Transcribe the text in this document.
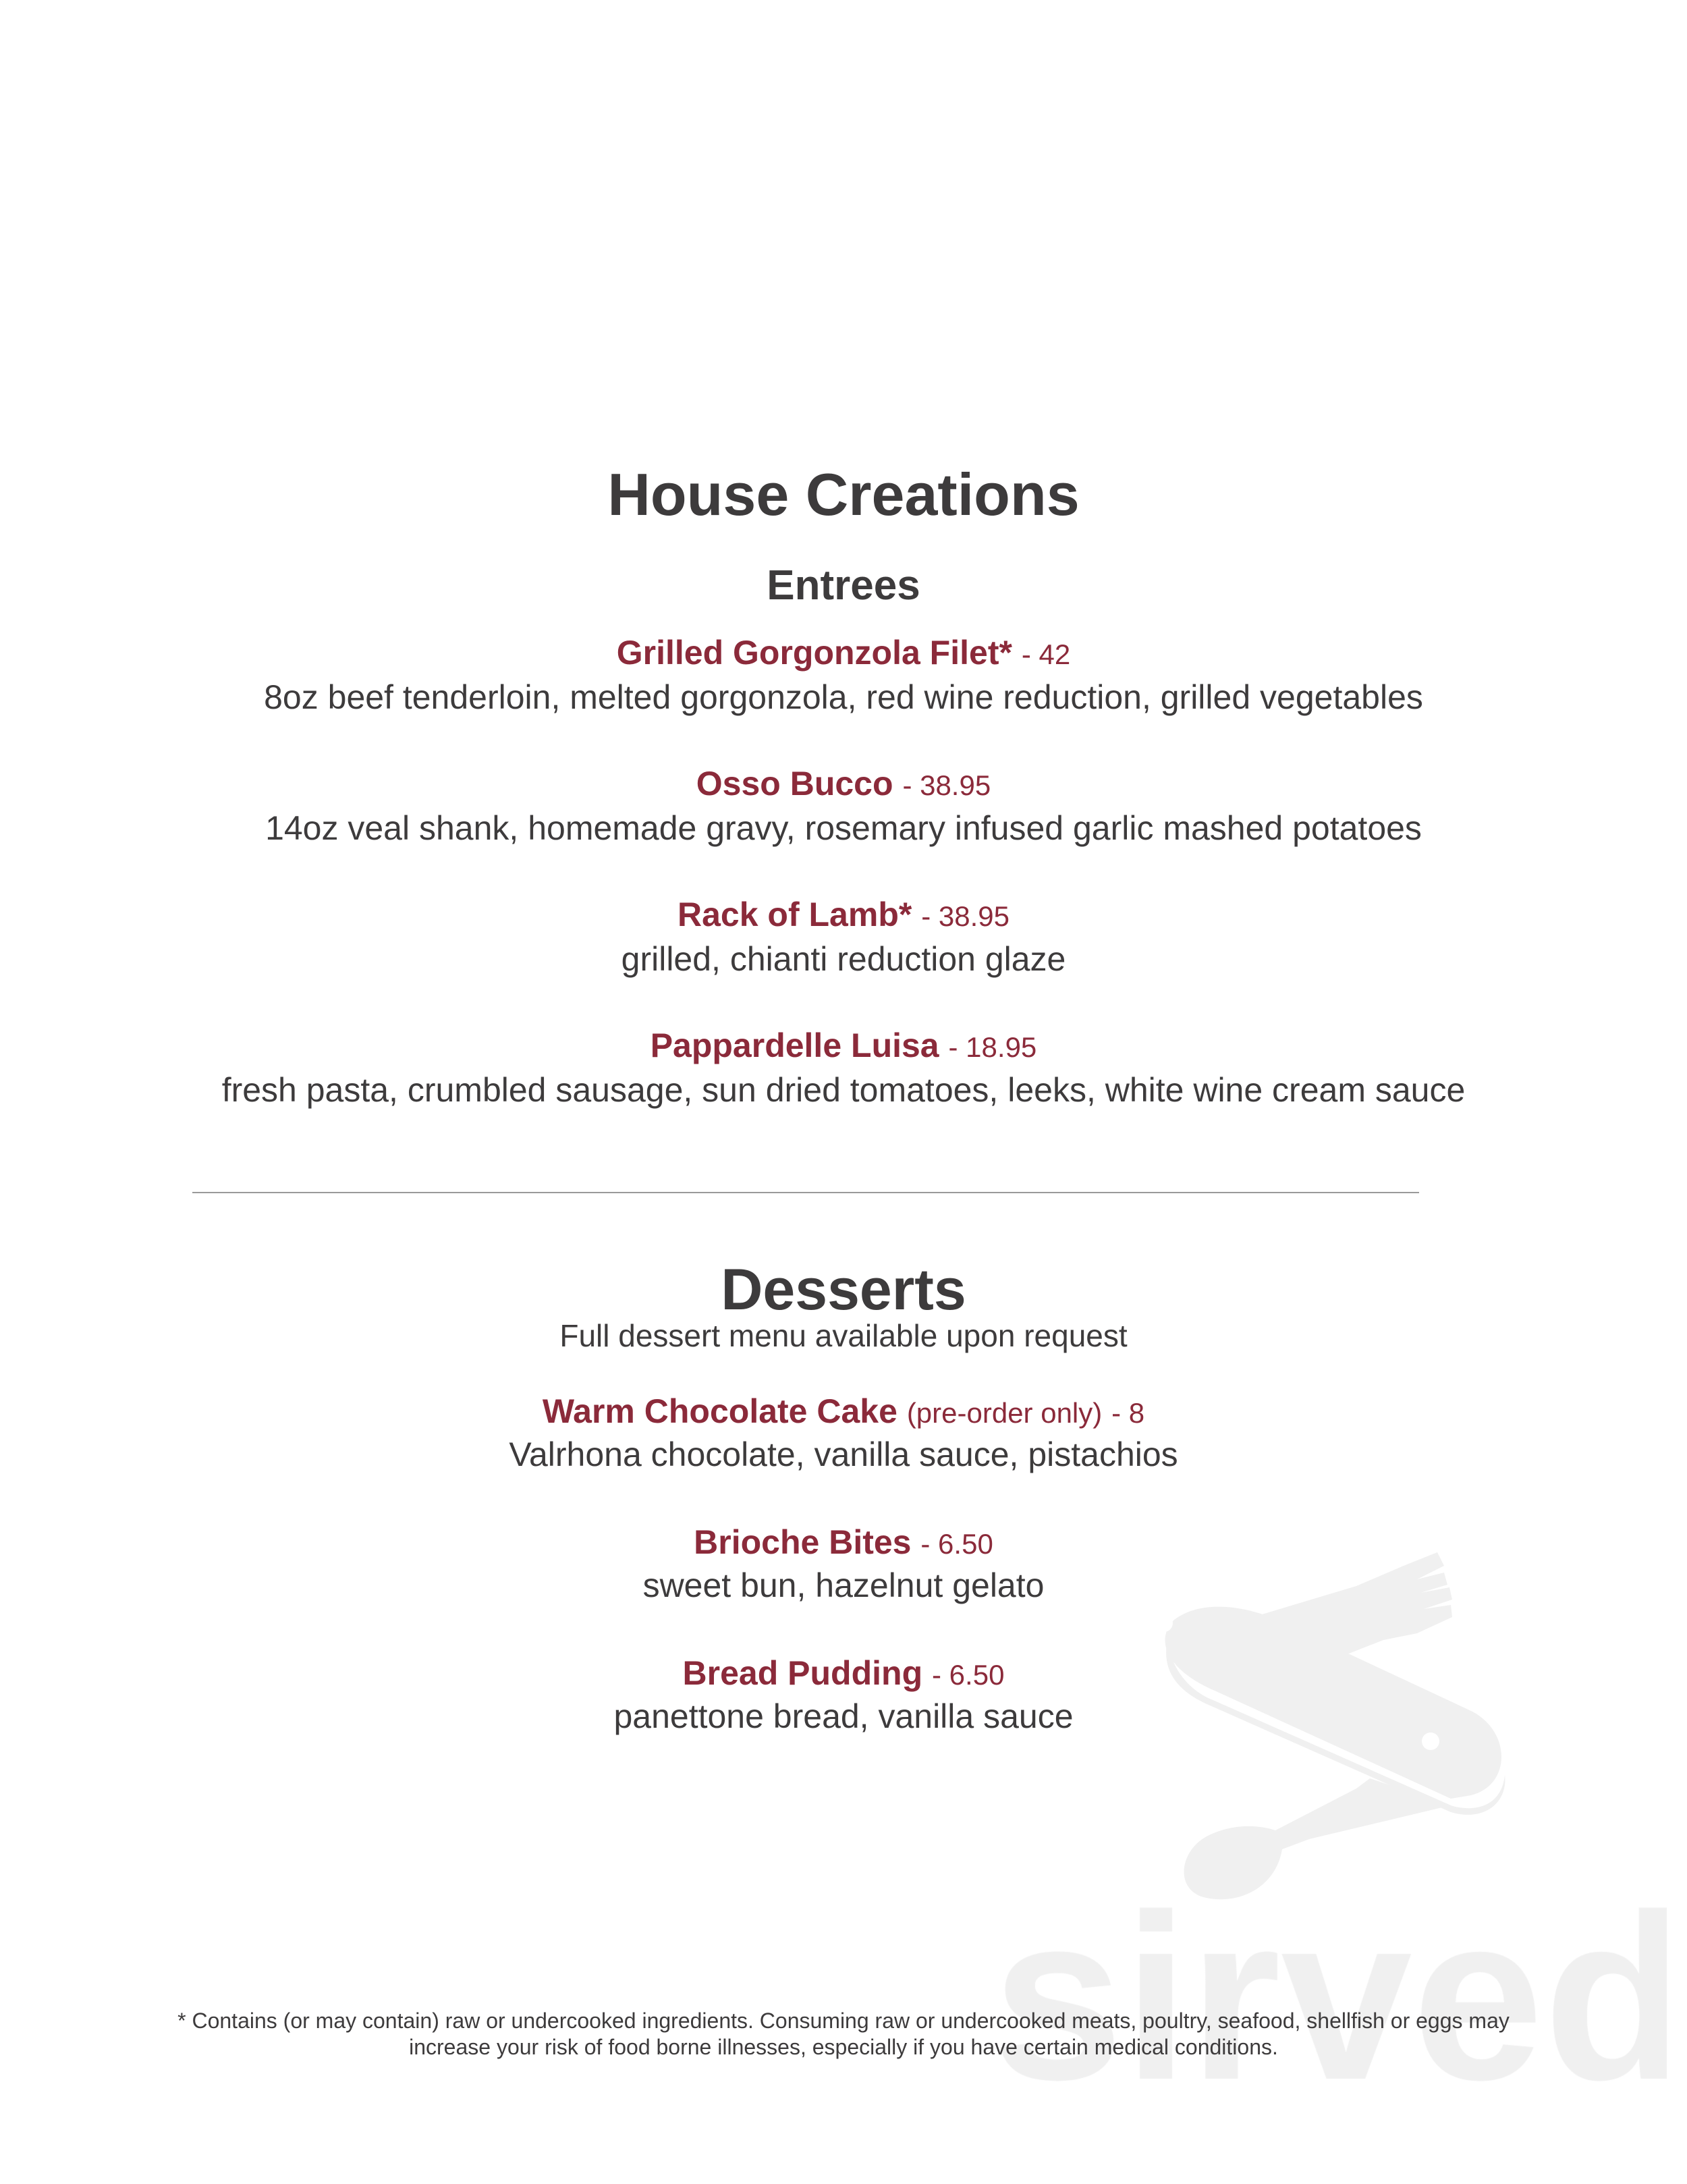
House Creations
Entrees
Grilled Gorgonzola Filet* - 42
8oz beef tenderloin, melted gorgonzola, red wine reduction, grilled vegetables
Osso Bucco - 38.95
14oz veal shank, homemade gravy, rosemary infused garlic mashed potatoes
Rack of Lamb* - 38.95
grilled, chianti reduction glaze
Pappardelle Luisa - 18.95
fresh pasta, crumbled sausage, sun dried tomatoes, leeks, white wine cream sauce
Desserts
Full dessert menu available upon request
Warm Chocolate Cake (pre-order only) - 8
Valrhona chocolate, vanilla sauce, pistachios
Brioche Bites - 6.50
sweet bun, hazelnut gelato
Bread Pudding - 6.50
panettone bread, vanilla sauce
* Contains (or may contain) raw or undercooked ingredients. Consuming raw or undercooked meats, poultry, seafood, shellfish or eggs may
increase your risk of food borne illnesses, especially if you have certain medical conditions.
